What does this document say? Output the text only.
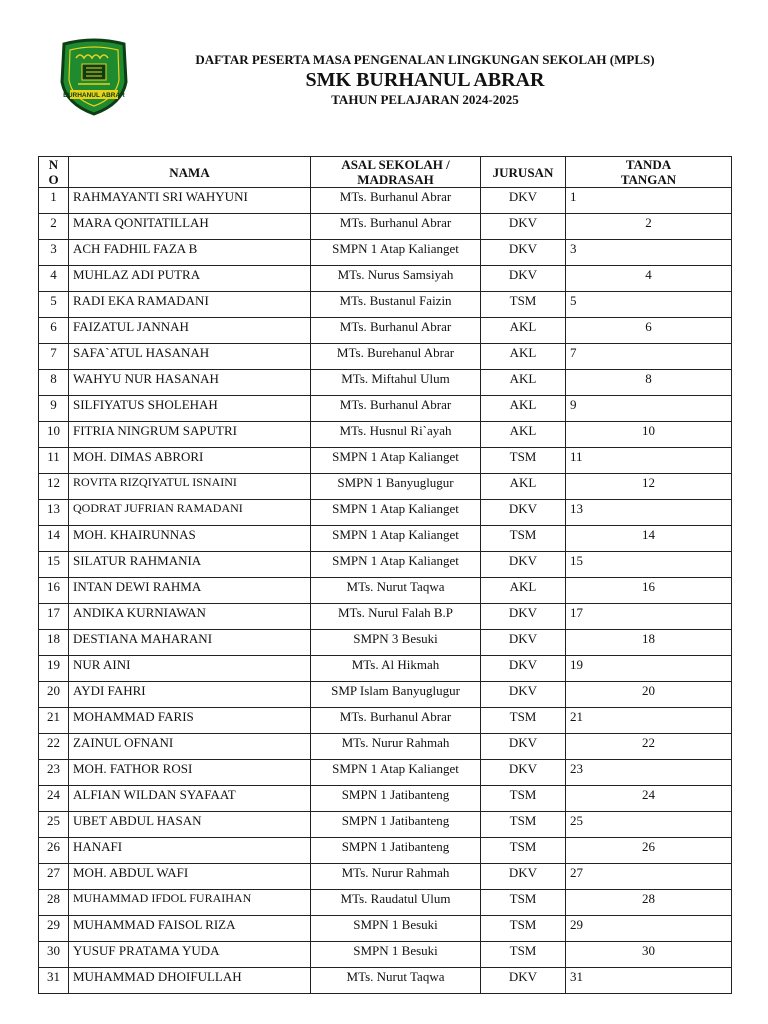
BURHANUL ABRAR
DAFTAR PESERTA MASA PENGENALAN LINGKUNGAN SEKOLAH (MPLS)
SMK BURHANUL ABRAR
TAHUN PELAJARAN 2024-2025
N O	NAMA	ASAL SEKOLAH / MADRASAH	JURUSAN	TANDA TANGAN
1	RAHMAYANTI SRI WAHYUNI	MTs. Burhanul Abrar	DKV	1
2	MARA QONITATILLAH	MTs. Burhanul Abrar	DKV	2
3	ACH FADHIL FAZA B	SMPN 1 Atap Kalianget	DKV	3
4	MUHLAZ ADI PUTRA	MTs. Nurus Samsiyah	DKV	4
5	RADI EKA RAMADANI	MTs. Bustanul Faizin	TSM	5
6	FAIZATUL JANNAH	MTs. Burhanul Abrar	AKL	6
7	SAFA`ATUL HASANAH	MTs. Burehanul Abrar	AKL	7
8	WAHYU NUR HASANAH	MTs. Miftahul Ulum	AKL	8
9	SILFIYATUS SHOLEHAH	MTs. Burhanul Abrar	AKL	9
10	FITRIA NINGRUM SAPUTRI	MTs. Husnul Ri`ayah	AKL	10
11	MOH. DIMAS ABRORI	SMPN 1 Atap Kalianget	TSM	11
12	ROVITA RIZQIYATUL ISNAINI	SMPN 1 Banyuglugur	AKL	12
13	QODRAT JUFRIAN RAMADANI	SMPN 1 Atap Kalianget	DKV	13
14	MOH. KHAIRUNNAS	SMPN 1 Atap Kalianget	TSM	14
15	SILATUR RAHMANIA	SMPN 1 Atap Kalianget	DKV	15
16	INTAN DEWI RAHMA	MTs. Nurut Taqwa	AKL	16
17	ANDIKA KURNIAWAN	MTs. Nurul Falah B.P	DKV	17
18	DESTIANA MAHARANI	SMPN 3 Besuki	DKV	18
19	NUR AINI	MTs. Al Hikmah	DKV	19
20	AYDI FAHRI	SMP Islam Banyuglugur	DKV	20
21	MOHAMMAD FARIS	MTs. Burhanul Abrar	TSM	21
22	ZAINUL OFNANI	MTs. Nurur Rahmah	DKV	22
23	MOH. FATHOR ROSI	SMPN 1 Atap Kalianget	DKV	23
24	ALFIAN WILDAN SYAFAAT	SMPN 1 Jatibanteng	TSM	24
25	UBET ABDUL HASAN	SMPN 1 Jatibanteng	TSM	25
26	HANAFI	SMPN 1 Jatibanteng	TSM	26
27	MOH. ABDUL WAFI	MTs. Nurur Rahmah	DKV	27
28	MUHAMMAD IFDOL FURAIHAN	MTs. Raudatul Ulum	TSM	28
29	MUHAMMAD FAISOL RIZA	SMPN 1 Besuki	TSM	29
30	YUSUF PRATAMA YUDA	SMPN 1 Besuki	TSM	30
31	MUHAMMAD DHOIFULLAH	MTs. Nurut Taqwa	DKV	31
